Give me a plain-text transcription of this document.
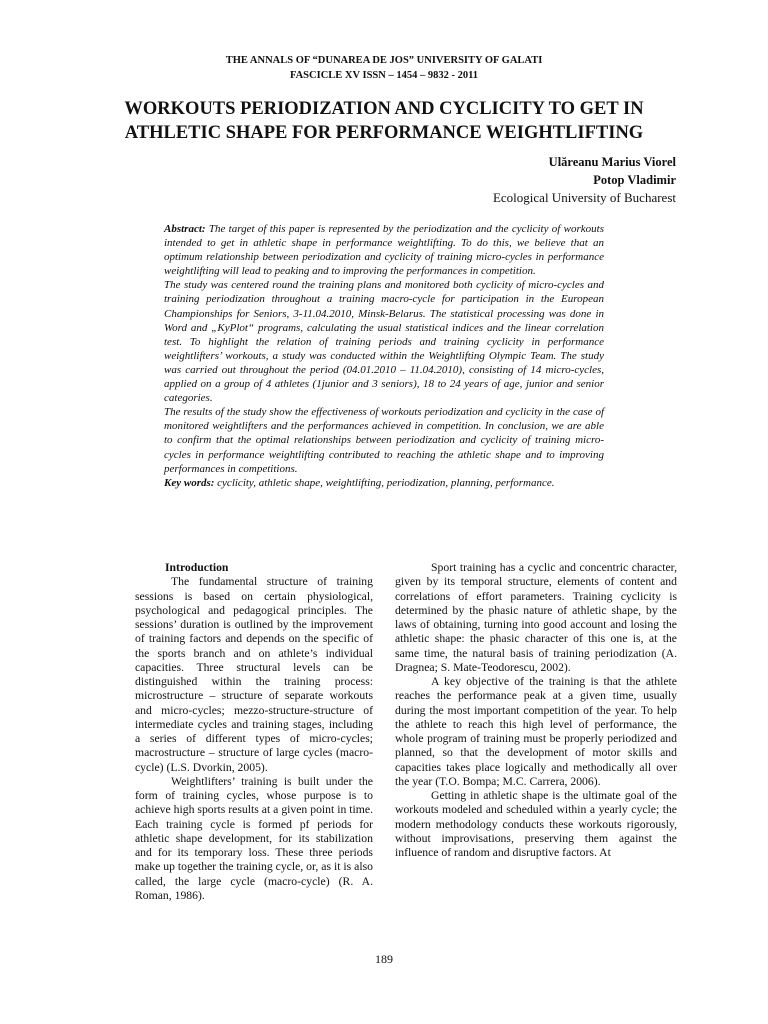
THE ANNALS OF “DUNAREA DE JOS” UNIVERSITY OF GALATI
FASCICLE XV ISSN – 1454 – 9832 - 2011
WORKOUTS PERIODIZATION AND CYCLICITY TO GET IN
ATHLETIC SHAPE FOR PERFORMANCE WEIGHTLIFTING
Ulăreanu Marius Viorel
Potop Vladimir
Ecological University of Bucharest

Abstract: The target of this paper is represented by the periodization and the cyclicity of workouts intended to get in athletic shape in performance weightlifting. To do this, we believe that an optimum relationship between periodization and cyclicity of training micro-cycles in performance weightlifting will lead to peaking and to improving the performances in competition.

The study was centered round the training plans and monitored both cyclicity of micro-cycles and training periodization throughout a training macro-cycle for participation in the European Championships for Seniors, 3-11.04.2010, Minsk-Belarus. The statistical processing was done in Word and „KyPlot“ programs, calculating the usual statistical indices and the linear correlation test. To highlight the relation of training periods and training cyclicity in performance weightlifters’ workouts, a study was conducted within the Weightlifting Olympic Team. The study was carried out throughout the period (04.01.2010 – 11.04.2010), consisting of 14 micro-cycles, applied on a group of 4 athletes (1junior and 3 seniors), 18 to 24 years of age, junior and senior categories.

The results of the study show the effectiveness of workouts periodization and cyclicity in the case of monitored weightlifters and the performances achieved in competition. In conclusion, we are able to confirm that the optimal relationships between periodization and cyclicity of training micro-cycles in performance weightlifting contributed to reaching the athletic shape and to improving performances in competitions.

Key words: cyclicity, athletic shape, weightlifting, periodization, planning, performance.

Introduction

The fundamental structure of training sessions is based on certain physiological, psychological and pedagogical principles. The sessions’ duration is outlined by the improvement of training factors and depends on the specific of the sports branch and on athlete’s individual capacities. Three structural levels can be distinguished within the training process: microstructure – structure of separate workouts and micro-cycles; mezzo-structure-structure of intermediate cycles and training stages, including a series of different types of micro-cycles; macrostructure – structure of large cycles (macro-cycle) (L.S. Dvorkin, 2005).

Weightlifters’ training is built under the form of training cycles, whose purpose is to achieve high sports results at a given point in time. Each training cycle is formed pf periods for athletic shape development, for its stabilization and for its temporary loss. These three periods make up together the training cycle, or, as it is also called, the large cycle (macro-cycle) (R. A. Roman, 1986).

Sport training has a cyclic and concentric character, given by its temporal structure, elements of content and correlations of effort parameters. Training cyclicity is determined by the phasic nature of athletic shape, by the laws of obtaining, turning into good account and losing the athletic shape: the phasic character of this one is, at the same time, the natural basis of training periodization (A. Dragnea; S. Mate-Teodorescu, 2002).

A key objective of the training is that the athlete reaches the performance peak at a given time, usually during the most important competition of the year. To help the athlete to reach this high level of performance, the whole program of training must be properly periodized and planned, so that the development of motor skills and capacities takes place logically and methodically all over the year (T.O. Bompa; M.C. Carrera, 2006).

Getting in athletic shape is the ultimate goal of the workouts modeled and scheduled within a yearly cycle; the modern methodology conducts these workouts rigorously, without improvisations, preserving them against the influence of random and disruptive factors. At

189
